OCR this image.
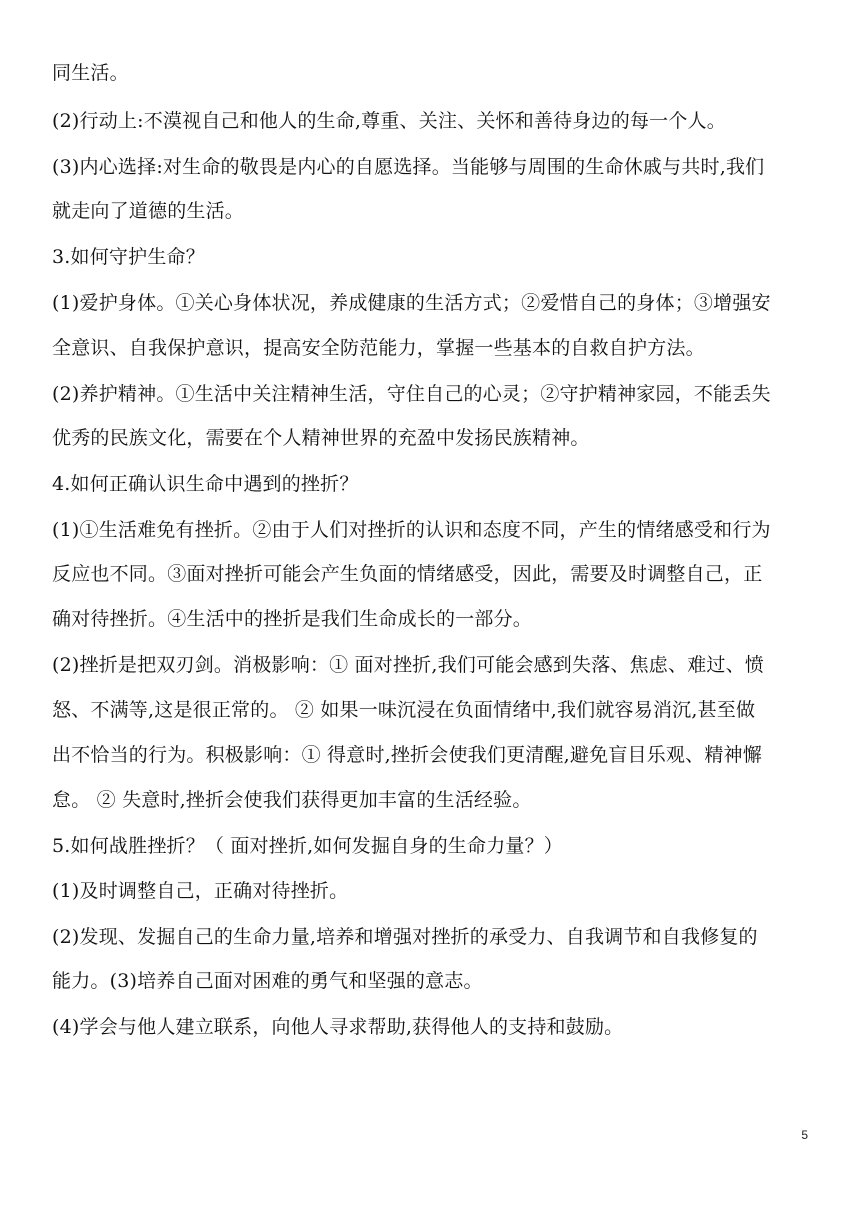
同生活。
(2)行动上:不漠视自己和他人的生命,尊重、关注、关怀和善待身边的每一个人。
(3)内心选择:对生命的敬畏是内心的自愿选择。当能够与周围的生命休戚与共时,我们
就走向了道德的生活。
3.如何守护生命？
(1)爱护身体。①关心身体状况，养成健康的生活方式；②爱惜自己的身体；③增强安
全意识、自我保护意识，提高安全防范能力，掌握一些基本的自救自护方法。
(2)养护精神。①生活中关注精神生活，守住自己的心灵；②守护精神家园，不能丢失
优秀的民族文化，需要在个人精神世界的充盈中发扬民族精神。
4.如何正确认识生命中遇到的挫折？
(1)①生活难免有挫折。②由于人们对挫折的认识和态度不同，产生的情绪感受和行为
反应也不同。③面对挫折可能会产生负面的情绪感受，因此，需要及时调整自己，正
确对待挫折。④生活中的挫折是我们生命成长的一部分。
(2)挫折是把双刃剑。消极影响：① 面对挫折,我们可能会感到失落、焦虑、难过、愤
怒、不满等,这是很正常的。 ② 如果一味沉浸在负面情绪中,我们就容易消沉,甚至做
出不恰当的行为。积极影响：① 得意时,挫折会使我们更清醒,避免盲目乐观、精神懈
怠。 ② 失意时,挫折会使我们获得更加丰富的生活经验。
5.如何战胜挫折？（ 面对挫折,如何发掘自身的生命力量？）
(1)及时调整自己，正确对待挫折。
(2)发现、发掘自己的生命力量,培养和增强对挫折的承受力、自我调节和自我修复的
能力。(3)培养自己面对困难的勇气和坚强的意志。
(4)学会与他人建立联系，向他人寻求帮助,获得他人的支持和鼓励。
5
